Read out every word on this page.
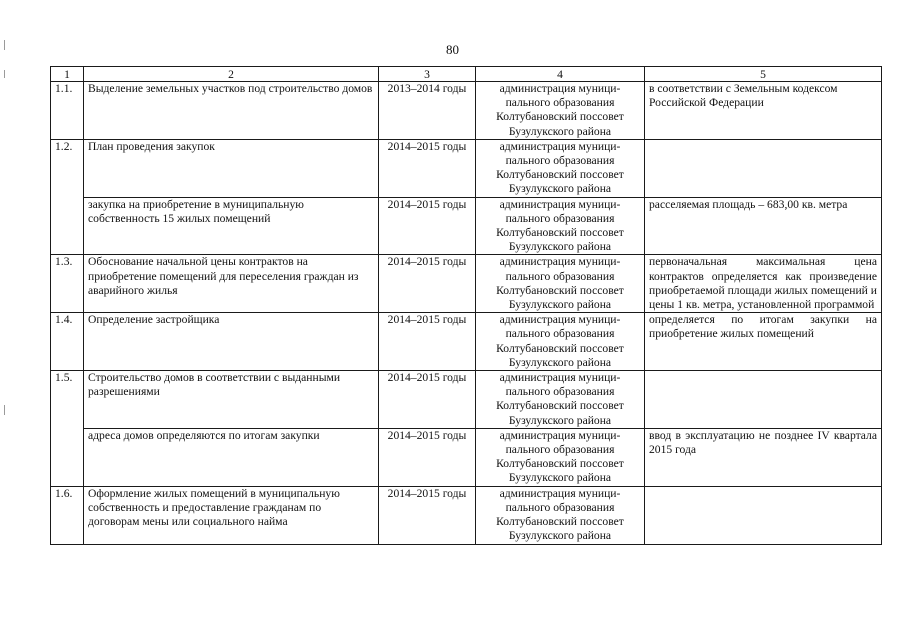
80
1	2	3	4	5
1.1.	Выделение земельных участков под строительство домов	2013–2014 годы	администрация муници-
пального образования
Колтубановский поссовет
Бузулукского района	в соответствии с Земельным кодексом Российской Федерации
1.2.	План проведения закупок	2014–2015 годы	администрация муници-
пального образования
Колтубановский поссовет
Бузулукского района	

	закупка на приобретение в муниципальную собственность 15 жилых помещений	2014–2015 годы	администрация муници-
пального образования
Колтубановский поссовет
Бузулукского района	расселяемая площадь – 683,00 кв. метра
1.3.	Обоснование начальной цены контрактов на приобретение помещений для переселения граждан из аварийного жилья	2014–2015 годы	администрация муници-
пального образования
Колтубановский поссовет
Бузулукского района	первоначальная максимальная цена контрактов определяется как произведение приобретаемой площади жилых помещений и цены 1 кв. метра, установленной программой
1.4.	Определение застройщика	2014–2015 годы	администрация муници-
пального образования
Колтубановский поссовет
Бузулукского района	определяется по итогам закупки на приобретение жилых помещений
1.5.	Строительство домов в соответствии с выданными разрешениями	2014–2015 годы	администрация муници-
пального образования
Колтубановский поссовет
Бузулукского района	

	адреса домов определяются по итогам закупки	2014–2015 годы	администрация муници-
пального образования
Колтубановский поссовет
Бузулукского района	ввод в эксплуатацию не позднее IV квартала 2015 года
1.6.	Оформление жилых помещений в муниципальную собственность и предоставление гражданам по договорам мены или социального найма	2014–2015 годы	администрация муници-
пального образования
Колтубановский поссовет
Бузулукского района	
